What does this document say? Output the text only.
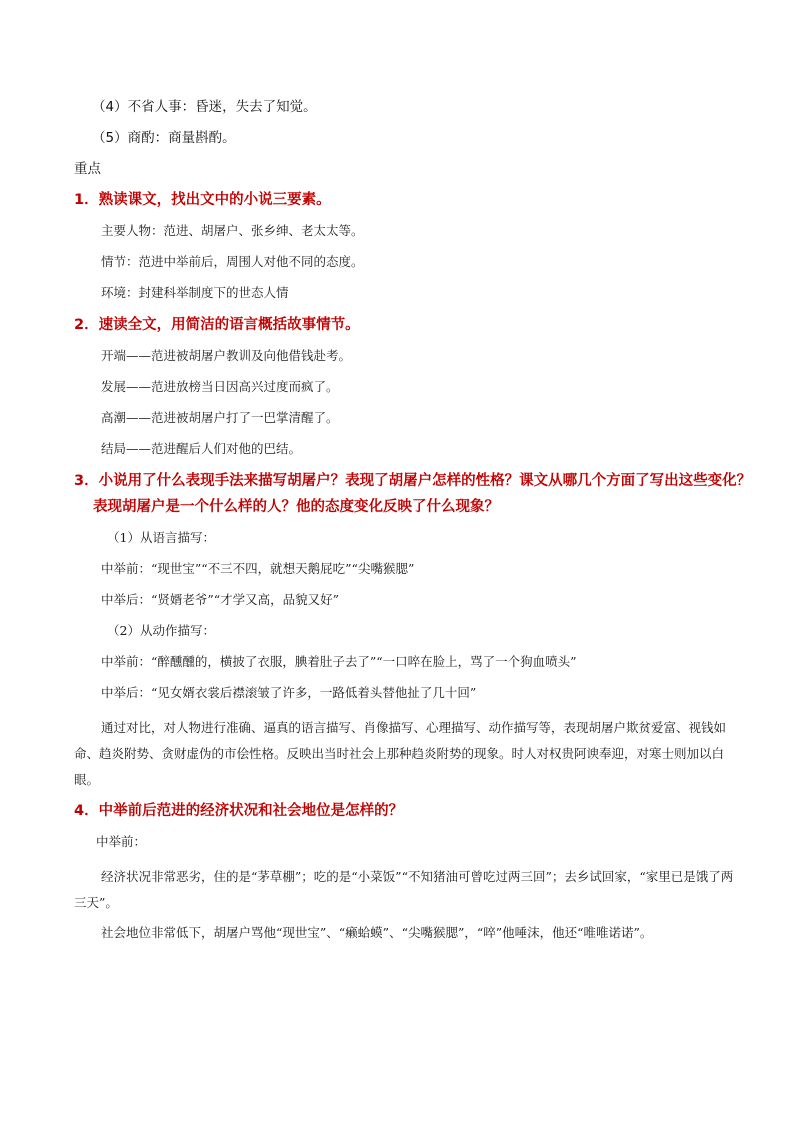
（4）不省人事：昏迷，失去了知觉。

（5）商酌：商量斟酌。

重点

1．熟读课文，找出文中的小说三要素。

主要人物：范进、胡屠户、张乡绅、老太太等。

情节：范进中举前后，周围人对他不同的态度。

环境：封建科举制度下的世态人情

2．速读全文，用简洁的语言概括故事情节。

开端——范进被胡屠户教训及向他借钱赴考。

发展——范进放榜当日因高兴过度而疯了。

高潮——范进被胡屠户打了一巴掌清醒了。

结局——范进醒后人们对他的巴结。

3．小说用了什么表现手法来描写胡屠户？表现了胡屠户怎样的性格？课文从哪几个方面了写出这些变化？

表现胡屠户是一个什么样的人？他的态度变化反映了什么现象？

（1）从语言描写：

中举前：“现世宝”“不三不四，就想天鹅屁吃”“尖嘴猴腮”

中举后：“贤婿老爷”“才学又高，品貌又好”

（2）从动作描写：

中举前：“醉醺醺的，横披了衣服，腆着肚子去了”“一口啐在脸上，骂了一个狗血喷头”

中举后：“见女婿衣裳后襟滚皱了许多，一路低着头替他扯了几十回”

通过对比，对人物进行准确、逼真的语言描写、肖像描写、心理描写、动作描写等，表现胡屠户欺贫爱富、视钱如命、趋炎附势、贪财虚伪的市侩性格。反映出当时社会上那种趋炎附势的现象。时人对权贵阿谀奉迎，对寒士则加以白眼。

4．中举前后范进的经济状况和社会地位是怎样的？

中举前：

经济状况非常恶劣，住的是“茅草棚”；吃的是“小菜饭”“不知猪油可曾吃过两三回”；去乡试回家，“家里已是饿了两三天”。

社会地位非常低下，胡屠户骂他“现世宝”、“癞蛤蟆”、“尖嘴猴腮”，“啐”他唾沫，他还“唯唯诺诺”。
